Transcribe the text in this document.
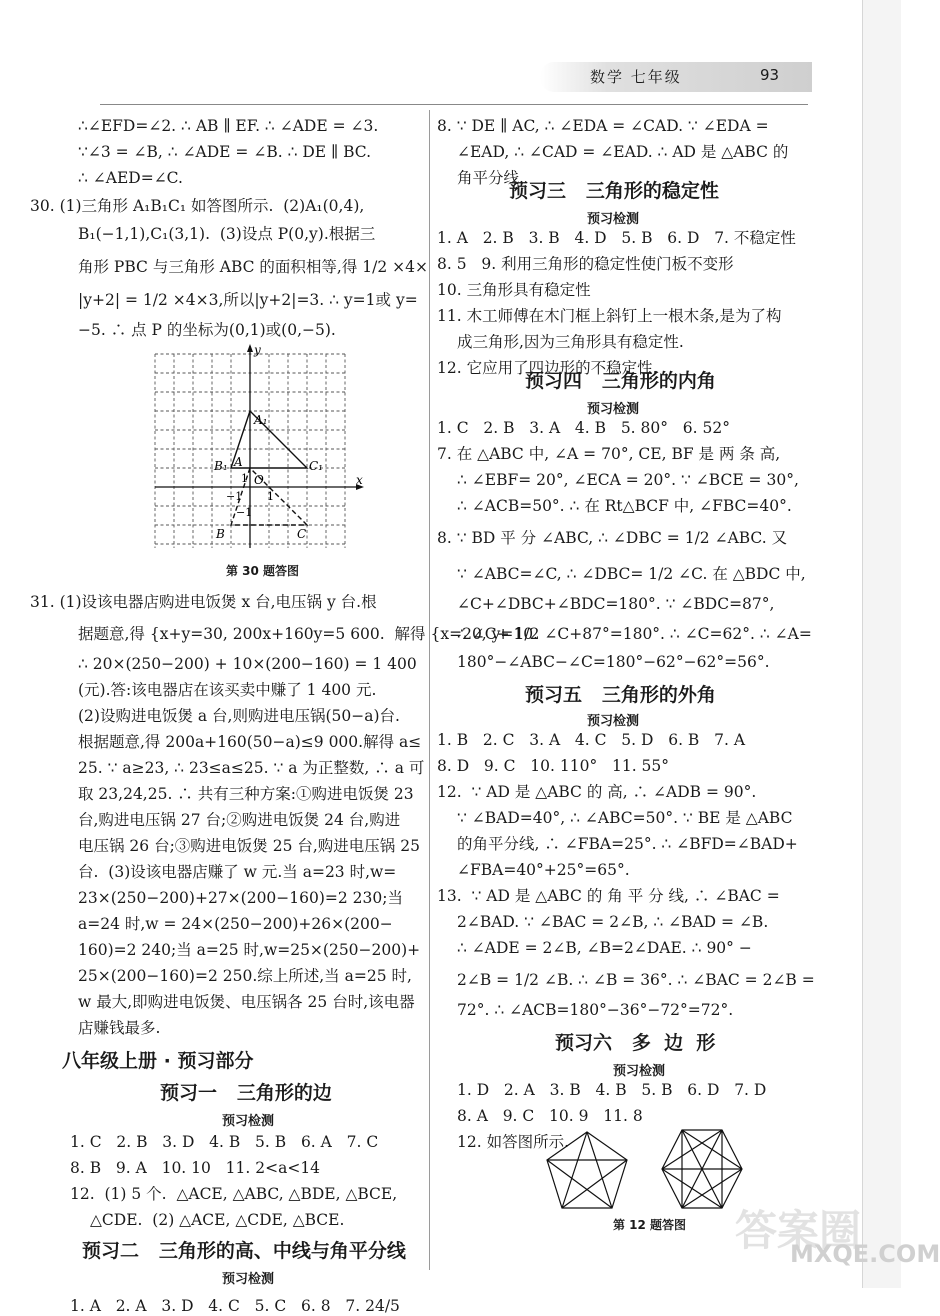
数学 七年级	93
∴∠EFD=∠2. ∴ AB ∥ EF. ∴ ∠ADE = ∠3.
∵∠3 = ∠B, ∴ ∠ADE = ∠B. ∴ DE ∥ BC.
∴ ∠AED=∠C.
30. (1)三角形 A₁B₁C₁ 如答图所示.  (2)A₁(0,4),
B₁(−1,1),C₁(3,1).  (3)设点 P(0,y).根据三
角形 PBC 与三角形 ABC 的面积相等,得 1/2 ×4×
|y+2| = 1/2 ×4×3,所以|y+2|=3. ∴ y=1或 y=
−5. ∴ 点 P 的坐标为(0,1)或(0,−5).
y
x
O
1
1
−1
−1
A₁
B₁	C₁
A
B	C
第 30 题答图
31. (1)设该电器店购进电饭煲 x 台,电压锅 y 台.根
据题意,得 {x+y=30, 200x+160y=5 600.  解得 {x=20, y=10.
∴ 20×(250−200) + 10×(200−160) = 1 400
(元).答:该电器店在该买卖中赚了 1 400 元.
(2)设购进电饭煲 a 台,则购进电压锅(50−a)台.
根据题意,得 200a+160(50−a)≤9 000.解得 a≤
25. ∵ a≥23, ∴ 23≤a≤25. ∵ a 为正整数, ∴ a 可
取 23,24,25. ∴ 共有三种方案:①购进电饭煲 23
台,购进电压锅 27 台;②购进电饭煲 24 台,购进
电压锅 26 台;③购进电饭煲 25 台,购进电压锅 25
台.  (3)设该电器店赚了 w 元.当 a=23 时,w=
23×(250−200)+27×(200−160)=2 230;当
a=24 时,w = 24×(250−200)+26×(200−
160)=2 240;当 a=25 时,w=25×(250−200)+
25×(200−160)=2 250.综上所述,当 a=25 时,
w 最大,即购进电饭煲、电压锅各 25 台时,该电器
店赚钱最多.
八年级上册 · 预习部分
预习一   三角形的边
预习检测
1. C   2. B   3. D   4. B   5. B   6. A   7. C
8. B   9. A   10. 10   11. 2<a<14
12.  (1) 5 个.  △ACE, △ABC, △BDE, △BCE,
△CDE.  (2) △ACE, △CDE, △BCE.
预习二   三角形的高、中线与角平分线
预习检测
1. A   2. A   3. D   4. C   5. C   6. 8   7. 24/5
8. ∵ DE ∥ AC, ∴ ∠EDA = ∠CAD. ∵ ∠EDA =
∠EAD, ∴ ∠CAD = ∠EAD. ∴ AD 是 △ABC 的
角平分线.
预习三   三角形的稳定性
预习检测
1. A   2. B   3. B   4. D   5. B   6. D   7. 不稳定性
8. 5   9. 利用三角形的稳定性使门板不变形
10. 三角形具有稳定性
11. 木工师傅在木门框上斜钉上一根木条,是为了构
成三角形,因为三角形具有稳定性.
12. 它应用了四边形的不稳定性.
预习四   三角形的内角
预习检测
1. C   2. B   3. A   4. B   5. 80°   6. 52°
7. 在 △ABC 中, ∠A = 70°, CE, BF 是 两 条 高,
∴ ∠EBF= 20°, ∠ECA = 20°. ∵ ∠BCE = 30°,
∴ ∠ACB=50°. ∴ 在 Rt△BCF 中, ∠FBC=40°.
8. ∵ BD 平 分 ∠ABC, ∴ ∠DBC = 1/2 ∠ABC. 又
∵ ∠ABC=∠C, ∴ ∠DBC= 1/2 ∠C. 在 △BDC 中,
∠C+∠DBC+∠BDC=180°. ∵ ∠BDC=87°,
∴ ∠C+ 1/2 ∠C+87°=180°. ∴ ∠C=62°. ∴ ∠A=
180°−∠ABC−∠C=180°−62°−62°=56°.
预习五   三角形的外角
预习检测
1. B   2. C   3. A   4. C   5. D   6. B   7. A
8. D   9. C   10. 110°   11. 55°
12.  ∵ AD 是 △ABC 的 高, ∴ ∠ADB = 90°.
∵ ∠BAD=40°, ∴ ∠ABC=50°. ∵ BE 是 △ABC
的角平分线, ∴ ∠FBA=25°. ∴ ∠BFD=∠BAD+
∠FBA=40°+25°=65°.
13.  ∵ AD 是 △ABC 的 角 平 分 线, ∴ ∠BAC =
2∠BAD. ∵ ∠BAC = 2∠B, ∴ ∠BAD = ∠B.
∴ ∠ADE = 2∠B, ∠B=2∠DAE. ∴ 90° −
2∠B = 1/2 ∠B. ∴ ∠B = 36°. ∴ ∠BAC = 2∠B =
72°. ∴ ∠ACB=180°−36°−72°=72°.
预习六   多  边  形
预习检测
1. D   2. A   3. B   4. B   5. B   6. D   7. D
8. A   9. C   10. 9   11. 8
12. 如答图所示.
第 12 题答图 答案圈
MXQE.COM
